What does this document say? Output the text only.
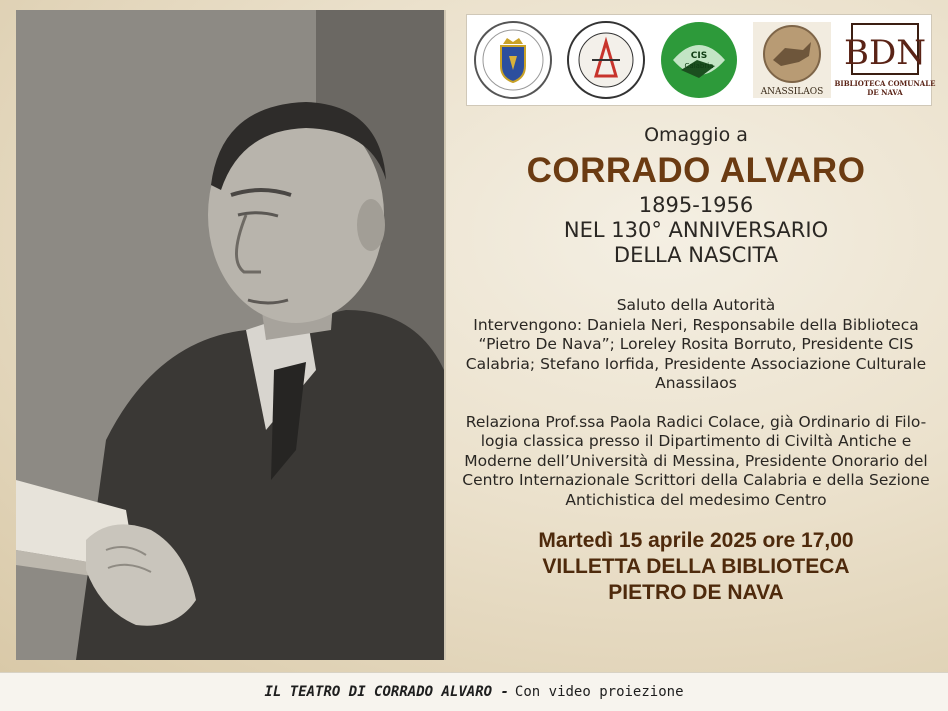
CIS
Calabria
ANASSILAOS
BDN
BIBLIOTECA COMUNALE
DE NAVA
Omaggio a
CORRADO ALVARO
1895-1956
NEL 130° ANNIVERSARIO
DELLA NASCITA
Saluto della Autorità
Intervengono: Daniela Neri, Responsabile della Biblioteca
“Pietro De Nava”; Loreley Rosita Borruto, Presidente CIS
Calabria; Stefano Iorfida, Presidente Associazione Culturale
Anassilaos
Relaziona Prof.ssa Paola Radici Colace, già Ordinario di Filo-
logia classica presso il Dipartimento di Civiltà Antiche e
Moderne dell’Università di Messina, Presidente Onorario del
Centro Internazionale Scrittori della Calabria e della Sezione
Antichistica del medesimo Centro
Martedì 15 aprile 2025 ore 17,00
VILLETTA DELLA BIBLIOTECA
PIETRO DE NAVA
IL TEATRO DI CORRADO ALVARO - Con video proiezione
